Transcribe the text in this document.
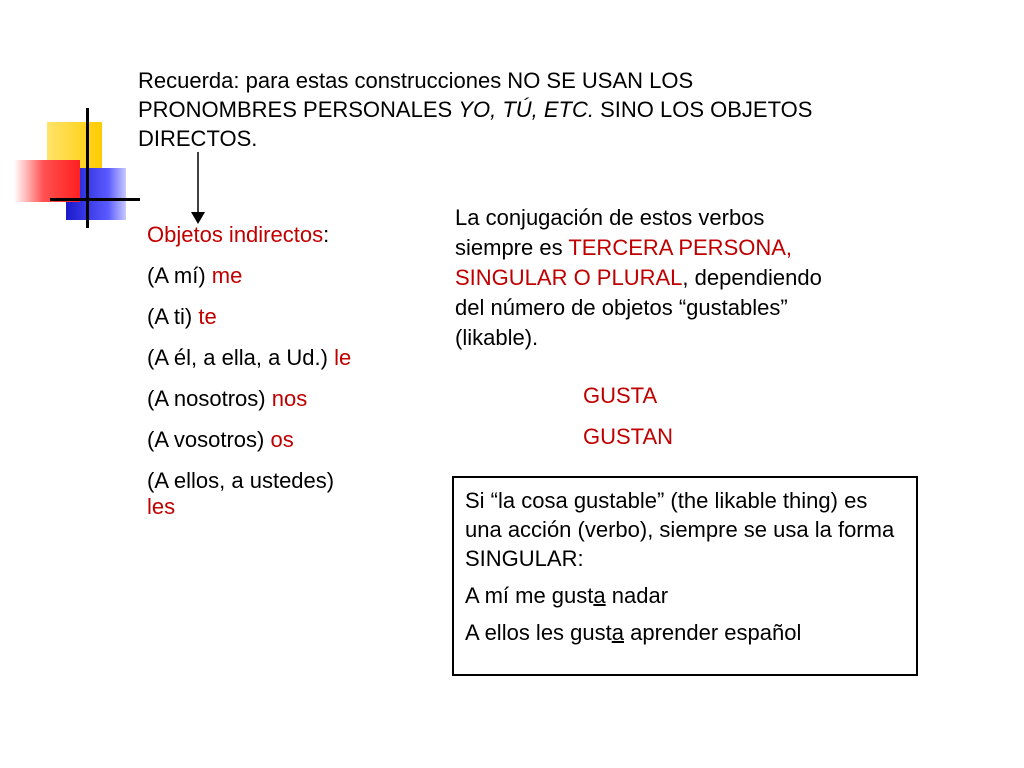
Recuerda: para estas construcciones NO SE USAN LOS PRONOMBRES PERSONALES YO, TÚ, ETC. SINO LOS OBJETOS DIRECTOS.

Objetos indirectos:

(A mí) me

(A ti) te

(A él, a ella, a Ud.) le

(A nosotros) nos

(A vosotros) os

(A ellos, a ustedes) les

La conjugación de estos verbos siempre es TERCERA PERSONA, SINGULAR O PLURAL, dependiendo del número de objetos “gustables” (likable).

GUSTA

GUSTAN

Si “la cosa gustable” (the likable thing) es una acción (verbo), siempre se usa la forma SINGULAR:

A mí me gusta nadar

A ellos les gusta aprender español
